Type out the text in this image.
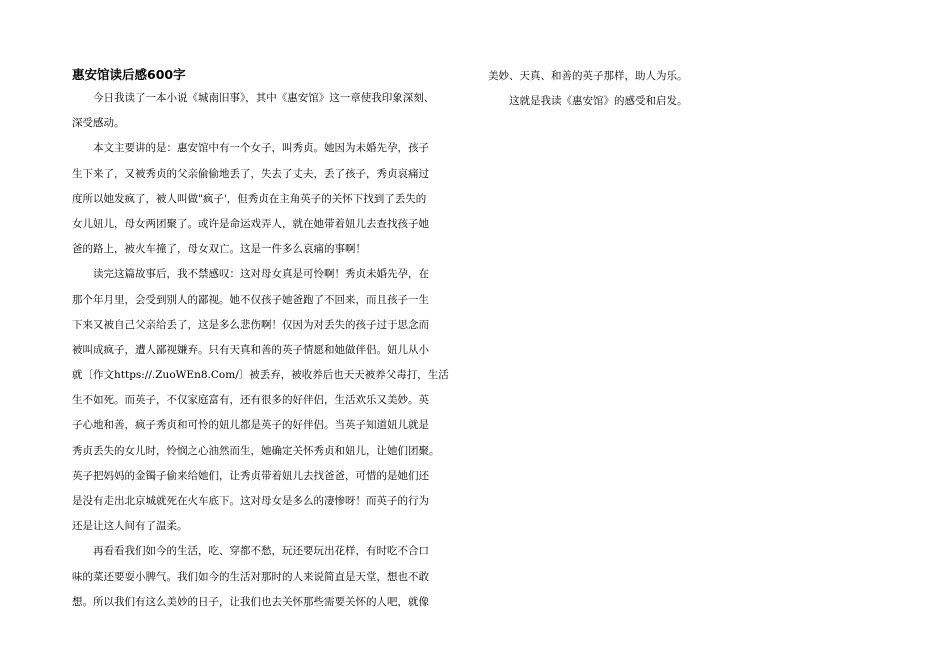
惠安馆读后感600字
今日我读了一本小说《城南旧事》，其中《惠安馆》这一章使我印象深刻、
深受感动。
本文主要讲的是：惠安馆中有一个女子，叫秀贞。她因为未婚先孕，孩子
生下来了，又被秀贞的父亲偷偷地丢了，失去了丈夫，丢了孩子，秀贞哀痛过
度所以她发疯了，被人叫做"疯子'，但秀贞在主角英子的关怀下找到了丢失的
女儿妞儿，母女两团聚了。或许是命运戏弄人，就在她带着妞儿去查找孩子她
爸的路上，被火车撞了，母女双亡。这是一件多么哀痛的事啊！
读完这篇故事后，我不禁感叹：这对母女真是可怜啊！秀贞未婚先孕，在
那个年月里，会受到别人的鄙视。她不仅孩子她爸跑了不回来，而且孩子一生
下来又被自己父亲给丢了，这是多么悲伤啊！仅因为对丢失的孩子过于思念而
被叫成疯子，遭人鄙视嫌弃。只有天真和善的英子情愿和她做伴侣。妞儿从小
就〔作文https://.ZuoWEn8.Com/〕被丢弃，被收养后也天天被养父毒打，生活
生不如死。而英子，不仅家庭富有，还有很多的好伴侣，生活欢乐又美妙。英
子心地和善，疯子秀贞和可怜的妞儿都是英子的好伴侣。当英子知道妞儿就是
秀贞丢失的女儿时，怜悯之心油然而生，她确定关怀秀贞和妞儿，让她们团聚。
英子把妈妈的金镯子偷来给她们，让秀贞带着妞儿去找爸爸，可惜的是她们还
是没有走出北京城就死在火车底下。这对母女是多么的凄惨呀！而英子的行为
还是让这人间有了温柔。
再看看我们如今的生活，吃、穿都不愁，玩还要玩出花样，有时吃不合口
味的菜还要耍小脾气。我们如今的生活对那时的人来说简直是天堂，想也不敢
想。所以我们有这么美妙的日子，让我们也去关怀那些需要关怀的人吧，就像
美妙、天真、和善的英子那样，助人为乐。
这就是我读《惠安馆》的感受和启发。
